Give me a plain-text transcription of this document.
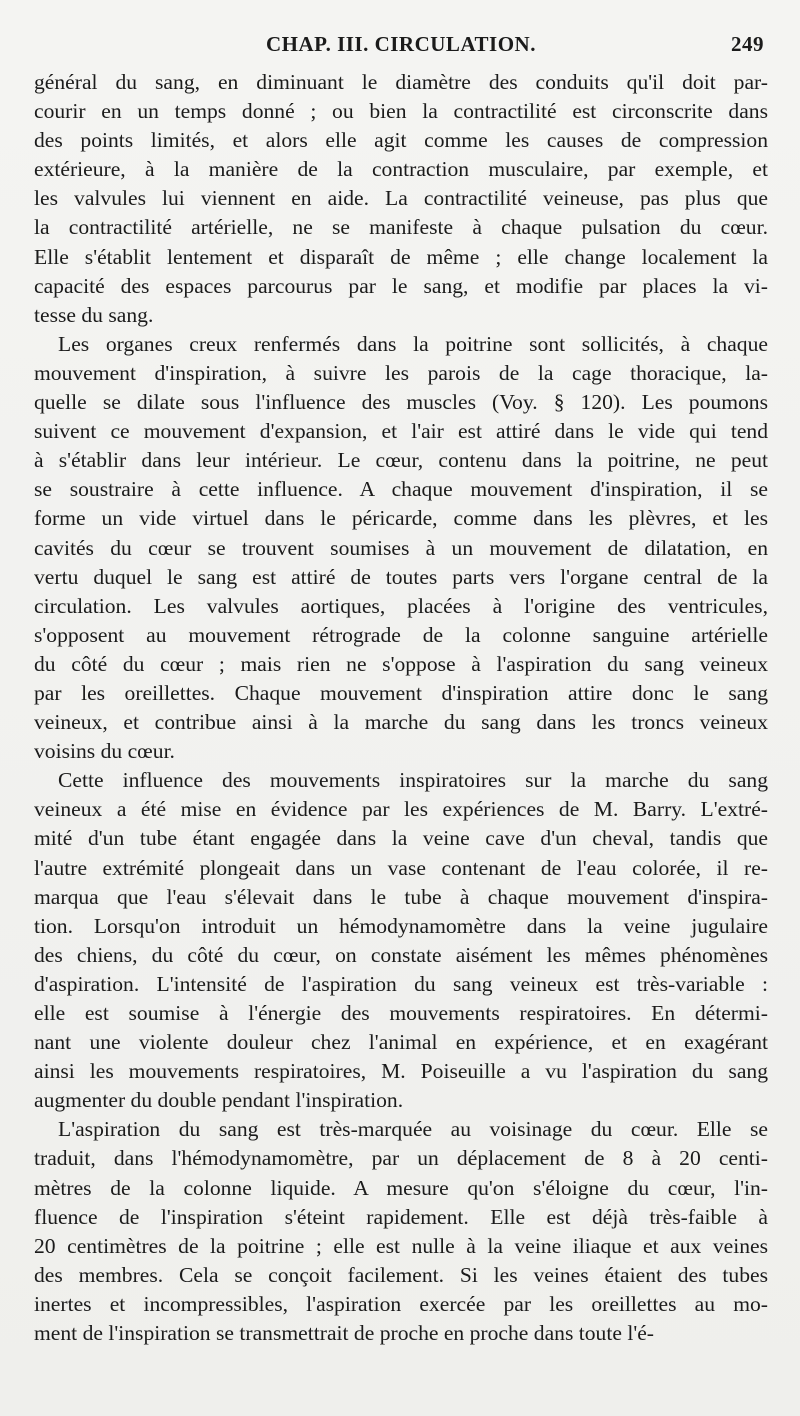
CHAP. III. CIRCULATION.	249
général du sang, en diminuant le diamètre des conduits qu'il doit par-
courir en un temps donné ; ou bien la contractilité est circonscrite dans
des points limités, et alors elle agit comme les causes de compression
extérieure, à la manière de la contraction musculaire, par exemple, et
les valvules lui viennent en aide. La contractilité veineuse, pas plus que
la contractilité artérielle, ne se manifeste à chaque pulsation du cœur.
Elle s'établit lentement et disparaît de même ; elle change localement la
capacité des espaces parcourus par le sang, et modifie par places la vi-
tesse du sang.
Les organes creux renfermés dans la poitrine sont sollicités, à chaque
mouvement d'inspiration, à suivre les parois de la cage thoracique, la-
quelle se dilate sous l'influence des muscles (Voy. § 120). Les poumons
suivent ce mouvement d'expansion, et l'air est attiré dans le vide qui tend
à s'établir dans leur intérieur. Le cœur, contenu dans la poitrine, ne peut
se soustraire à cette influence. A chaque mouvement d'inspiration, il se
forme un vide virtuel dans le péricarde, comme dans les plèvres, et les
cavités du cœur se trouvent soumises à un mouvement de dilatation, en
vertu duquel le sang est attiré de toutes parts vers l'organe central de la
circulation. Les valvules aortiques, placées à l'origine des ventricules,
s'opposent au mouvement rétrograde de la colonne sanguine artérielle
du côté du cœur ; mais rien ne s'oppose à l'aspiration du sang veineux
par les oreillettes. Chaque mouvement d'inspiration attire donc le sang
veineux, et contribue ainsi à la marche du sang dans les troncs veineux
voisins du cœur.
Cette influence des mouvements inspiratoires sur la marche du sang
veineux a été mise en évidence par les expériences de M. Barry. L'extré-
mité d'un tube étant engagée dans la veine cave d'un cheval, tandis que
l'autre extrémité plongeait dans un vase contenant de l'eau colorée, il re-
marqua que l'eau s'élevait dans le tube à chaque mouvement d'inspira-
tion. Lorsqu'on introduit un hémodynamomètre dans la veine jugulaire
des chiens, du côté du cœur, on constate aisément les mêmes phénomènes
d'aspiration. L'intensité de l'aspiration du sang veineux est très-variable :
elle est soumise à l'énergie des mouvements respiratoires. En détermi-
nant une violente douleur chez l'animal en expérience, et en exagérant
ainsi les mouvements respiratoires, M. Poiseuille a vu l'aspiration du sang
augmenter du double pendant l'inspiration.
L'aspiration du sang est très-marquée au voisinage du cœur. Elle se
traduit, dans l'hémodynamomètre, par un déplacement de 8 à 20 centi-
mètres de la colonne liquide. A mesure qu'on s'éloigne du cœur, l'in-
fluence de l'inspiration s'éteint rapidement. Elle est déjà très-faible à
20 centimètres de la poitrine ; elle est nulle à la veine iliaque et aux veines
des membres. Cela se conçoit facilement. Si les veines étaient des tubes
inertes et incompressibles, l'aspiration exercée par les oreillettes au mo-
ment de l'inspiration se transmettrait de proche en proche dans toute l'é-
